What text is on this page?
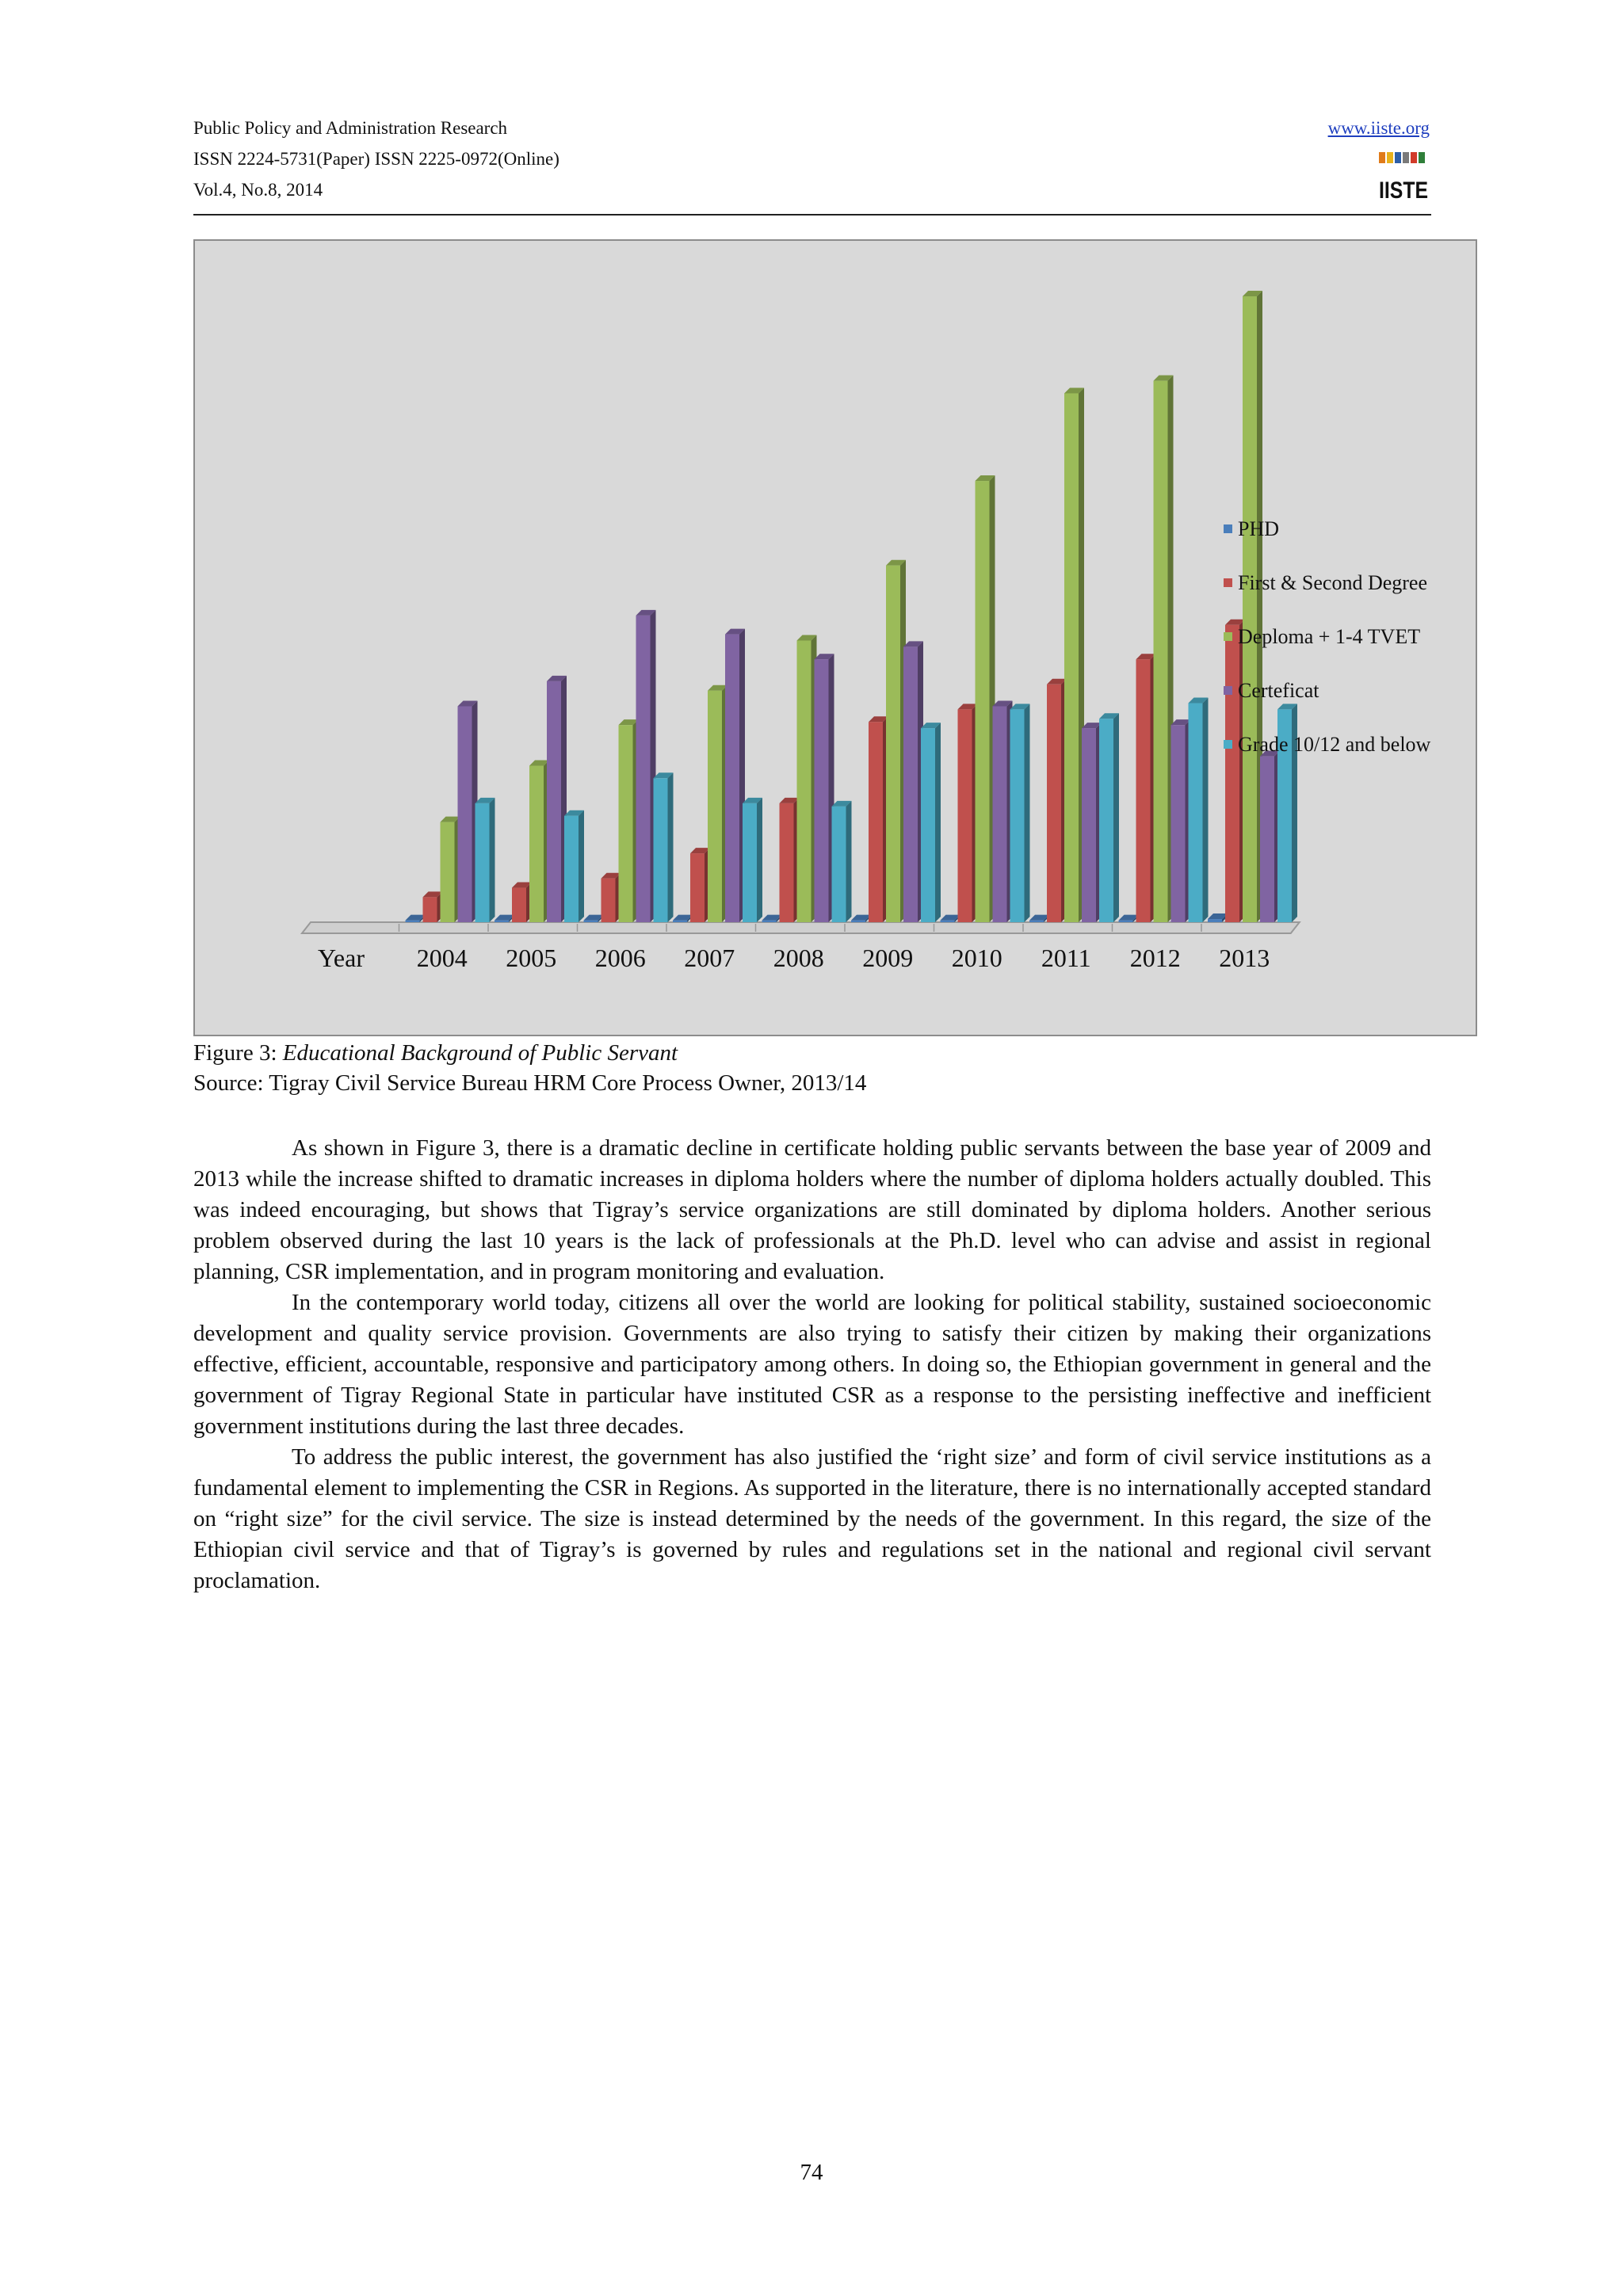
Public Policy and Administration Research
ISSN 2224-5731(Paper) ISSN 2225-0972(Online)
Vol.4, No.8, 2014
www.iiste.org
IISTE
Year 2004 2005 2006 2007 2008 2009 2010 2011 2012 2013
PHD
First & Second Degree
Deploma + 1-4 TVET
Certeficat
Grade 10/12 and below
Figure 3: Educational Background of Public Servant
Source: Tigray Civil Service Bureau HRM Core Process Owner, 2013/14

As shown in Figure 3, there is a dramatic decline in certificate holding public servants between the base year of 2009 and 2013 while the increase shifted to dramatic increases in diploma holders where the number of diploma holders actually doubled. This was indeed encouraging, but shows that Tigray’s service organizations are still dominated by diploma holders. Another serious problem observed during the last 10 years is the lack of professionals at the Ph.D. level who can advise and assist in regional planning, CSR implementation, and in program monitoring and evaluation.

In the contemporary world today, citizens all over the world are looking for political stability, sustained socioeconomic development and quality service provision. Governments are also trying to satisfy their citizen by making their organizations effective, efficient, accountable, responsive and participatory among others. In doing so, the Ethiopian government in general and the government of Tigray Regional State in particular have instituted CSR as a response to the persisting ineffective and inefficient government institutions during the last three decades.

To address the public interest, the government has also justified the ‘right size’ and form of civil service institutions as a fundamental element to implementing the CSR in Regions. As supported in the literature, there is no internationally accepted standard on “right size” for the civil service. The size is instead determined by the needs of the government. In this regard, the size of the Ethiopian civil service and that of Tigray’s is governed by rules and regulations set in the national and regional civil servant proclamation.

74
